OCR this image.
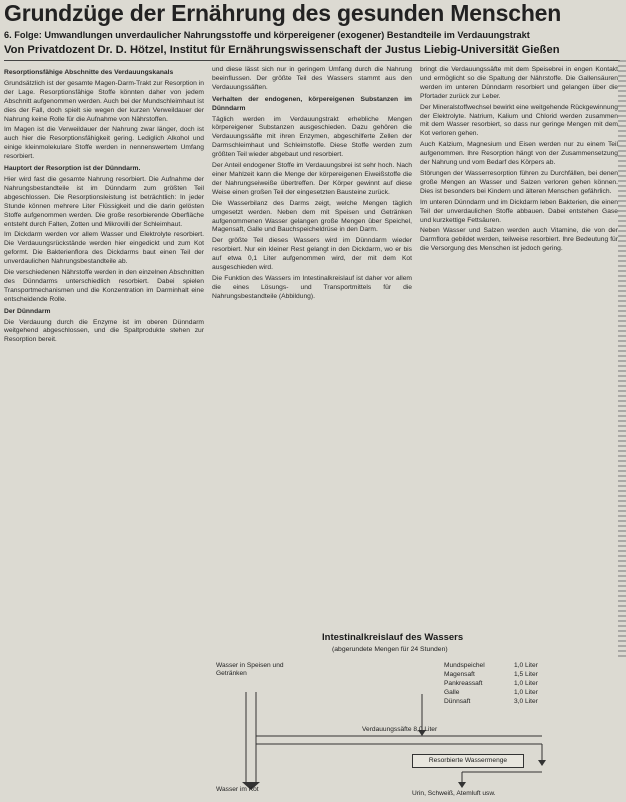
Grundzüge der Ernährung des gesunden Menschen
6. Folge: Umwandlungen unverdaulicher Nahrungsstoffe und körpereigener (exogener) Bestandteile im Verdauungstrakt
Von Privatdozent Dr. D. Hötzel, Institut für Ernährungswissenschaft der Justus Liebig-Universität Gießen

Resorptionsfähige Abschnitte des Verdauungskanals

Grundsätzlich ist der gesamte Magen-Darm-Trakt zur Resorption in der Lage. Resorptionsfähige Stoffe könnten daher von jedem Abschnitt aufgenommen werden. Auch bei der Mundschleimhaut ist dies der Fall, doch spielt sie wegen der kurzen Verweildauer der Nahrung keine Rolle für die Aufnahme von Nährstoffen.

Im Magen ist die Verweildauer der Nahrung zwar länger, doch ist auch hier die Resorptionsfähigkeit gering. Lediglich Alkohol und einige kleinmolekulare Stoffe werden in nennenswertem Umfang resorbiert.

Hauptort der Resorption ist der Dünndarm.

Hier wird fast die gesamte Nahrung resorbiert. Die Aufnahme der Nahrungsbestandteile ist im Dünndarm zum größten Teil abgeschlossen. Die Resorptionsleistung ist beträchtlich: In jeder Stunde können mehrere Liter Flüssigkeit und die darin gelösten Stoffe aufgenommen werden. Die große resorbierende Oberfläche entsteht durch Falten, Zotten und Mikrovilli der Schleimhaut.

Im Dickdarm werden vor allem Wasser und Elektrolyte resorbiert. Die Verdauungsrückstände werden hier eingedickt und zum Kot geformt. Die Bakterienflora des Dickdarms baut einen Teil der unverdaulichen Nahrungsbestandteile ab.

Die verschiedenen Nährstoffe werden in den einzelnen Abschnitten des Dünndarms unterschiedlich resorbiert. Dabei spielen Transportmechanismen und die Konzentration im Darminhalt eine entscheidende Rolle.

Der Dünndarm

Die Verdauung durch die Enzyme ist im oberen Dünndarm weitgehend abgeschlossen, und die Spaltprodukte stehen zur Resorption bereit.

und diese lässt sich nur in geringem Umfang durch die Nahrung beeinflussen. Der größte Teil des Wassers stammt aus den Verdauungssäften.

Verhalten der endogenen, körpereigenen Substanzen im Dünndarm

Täglich werden im Verdauungstrakt erhebliche Mengen körpereigener Substanzen ausgeschieden. Dazu gehören die Verdauungssäfte mit ihren Enzymen, abgeschilferte Zellen der Darmschleimhaut und Schleimstoffe. Diese Stoffe werden zum größten Teil wieder abgebaut und resorbiert.

Der Anteil endogener Stoffe im Verdauungsbrei ist sehr hoch. Nach einer Mahlzeit kann die Menge der körpereigenen Eiweißstoffe die der Nahrungseiweiße übertreffen. Der Körper gewinnt auf diese Weise einen großen Teil der eingesetzten Bausteine zurück.

Die Wasserbilanz des Darms zeigt, welche Mengen täglich umgesetzt werden. Neben dem mit Speisen und Getränken aufgenommenen Wasser gelangen große Mengen über Speichel, Magensaft, Galle und Bauchspeicheldrüse in den Darm.

Der größte Teil dieses Wassers wird im Dünndarm wieder resorbiert. Nur ein kleiner Rest gelangt in den Dickdarm, wo er bis auf etwa 0,1 Liter aufgenommen wird, der mit dem Kot ausgeschieden wird.

Die Funktion des Wassers im Intestinalkreislauf ist daher vor allem die eines Lösungs- und Transportmittels für die Nahrungsbestandteile (Abbildung).

bringt die Verdauungssäfte mit dem Speisebrei in engen Kontakt und ermöglicht so die Spaltung der Nährstoffe. Die Gallensäuren werden im unteren Dünndarm resorbiert und gelangen über die Pfortader zurück zur Leber.

Der Mineralstoffwechsel bewirkt eine weitgehende Rückgewinnung der Elektrolyte. Natrium, Kalium und Chlorid werden zusammen mit dem Wasser resorbiert, so dass nur geringe Mengen mit dem Kot verloren gehen.

Auch Kalzium, Magnesium und Eisen werden nur zu einem Teil aufgenommen. Ihre Resorption hängt von der Zusammensetzung der Nahrung und vom Bedarf des Körpers ab.

Störungen der Wasserresorption führen zu Durchfällen, bei denen große Mengen an Wasser und Salzen verloren gehen können. Dies ist besonders bei Kindern und älteren Menschen gefährlich.

Im unteren Dünndarm und im Dickdarm leben Bakterien, die einen Teil der unverdaulichen Stoffe abbauen. Dabei entstehen Gase und kurzkettige Fettsäuren.

Neben Wasser und Salzen werden auch Vitamine, die von der Darmflora gebildet werden, teilweise resorbiert. Ihre Bedeutung für die Versorgung des Menschen ist jedoch gering.

Intestinalkreislauf des Wassers
(abgerundete Mengen für 24 Stunden)
Wasser in Speisen und Getränken
Mundspeichel	1,0 Liter
Magensaft	1,5 Liter
Pankreassaft	1,0 Liter
Galle	1,0 Liter
Dünnsaft	3,0 Liter
Verdauungssäfte 8,0 Liter
Resorbierte Wassermenge
Wasser im Kot
Urin, Schweiß, Atemluft usw.
